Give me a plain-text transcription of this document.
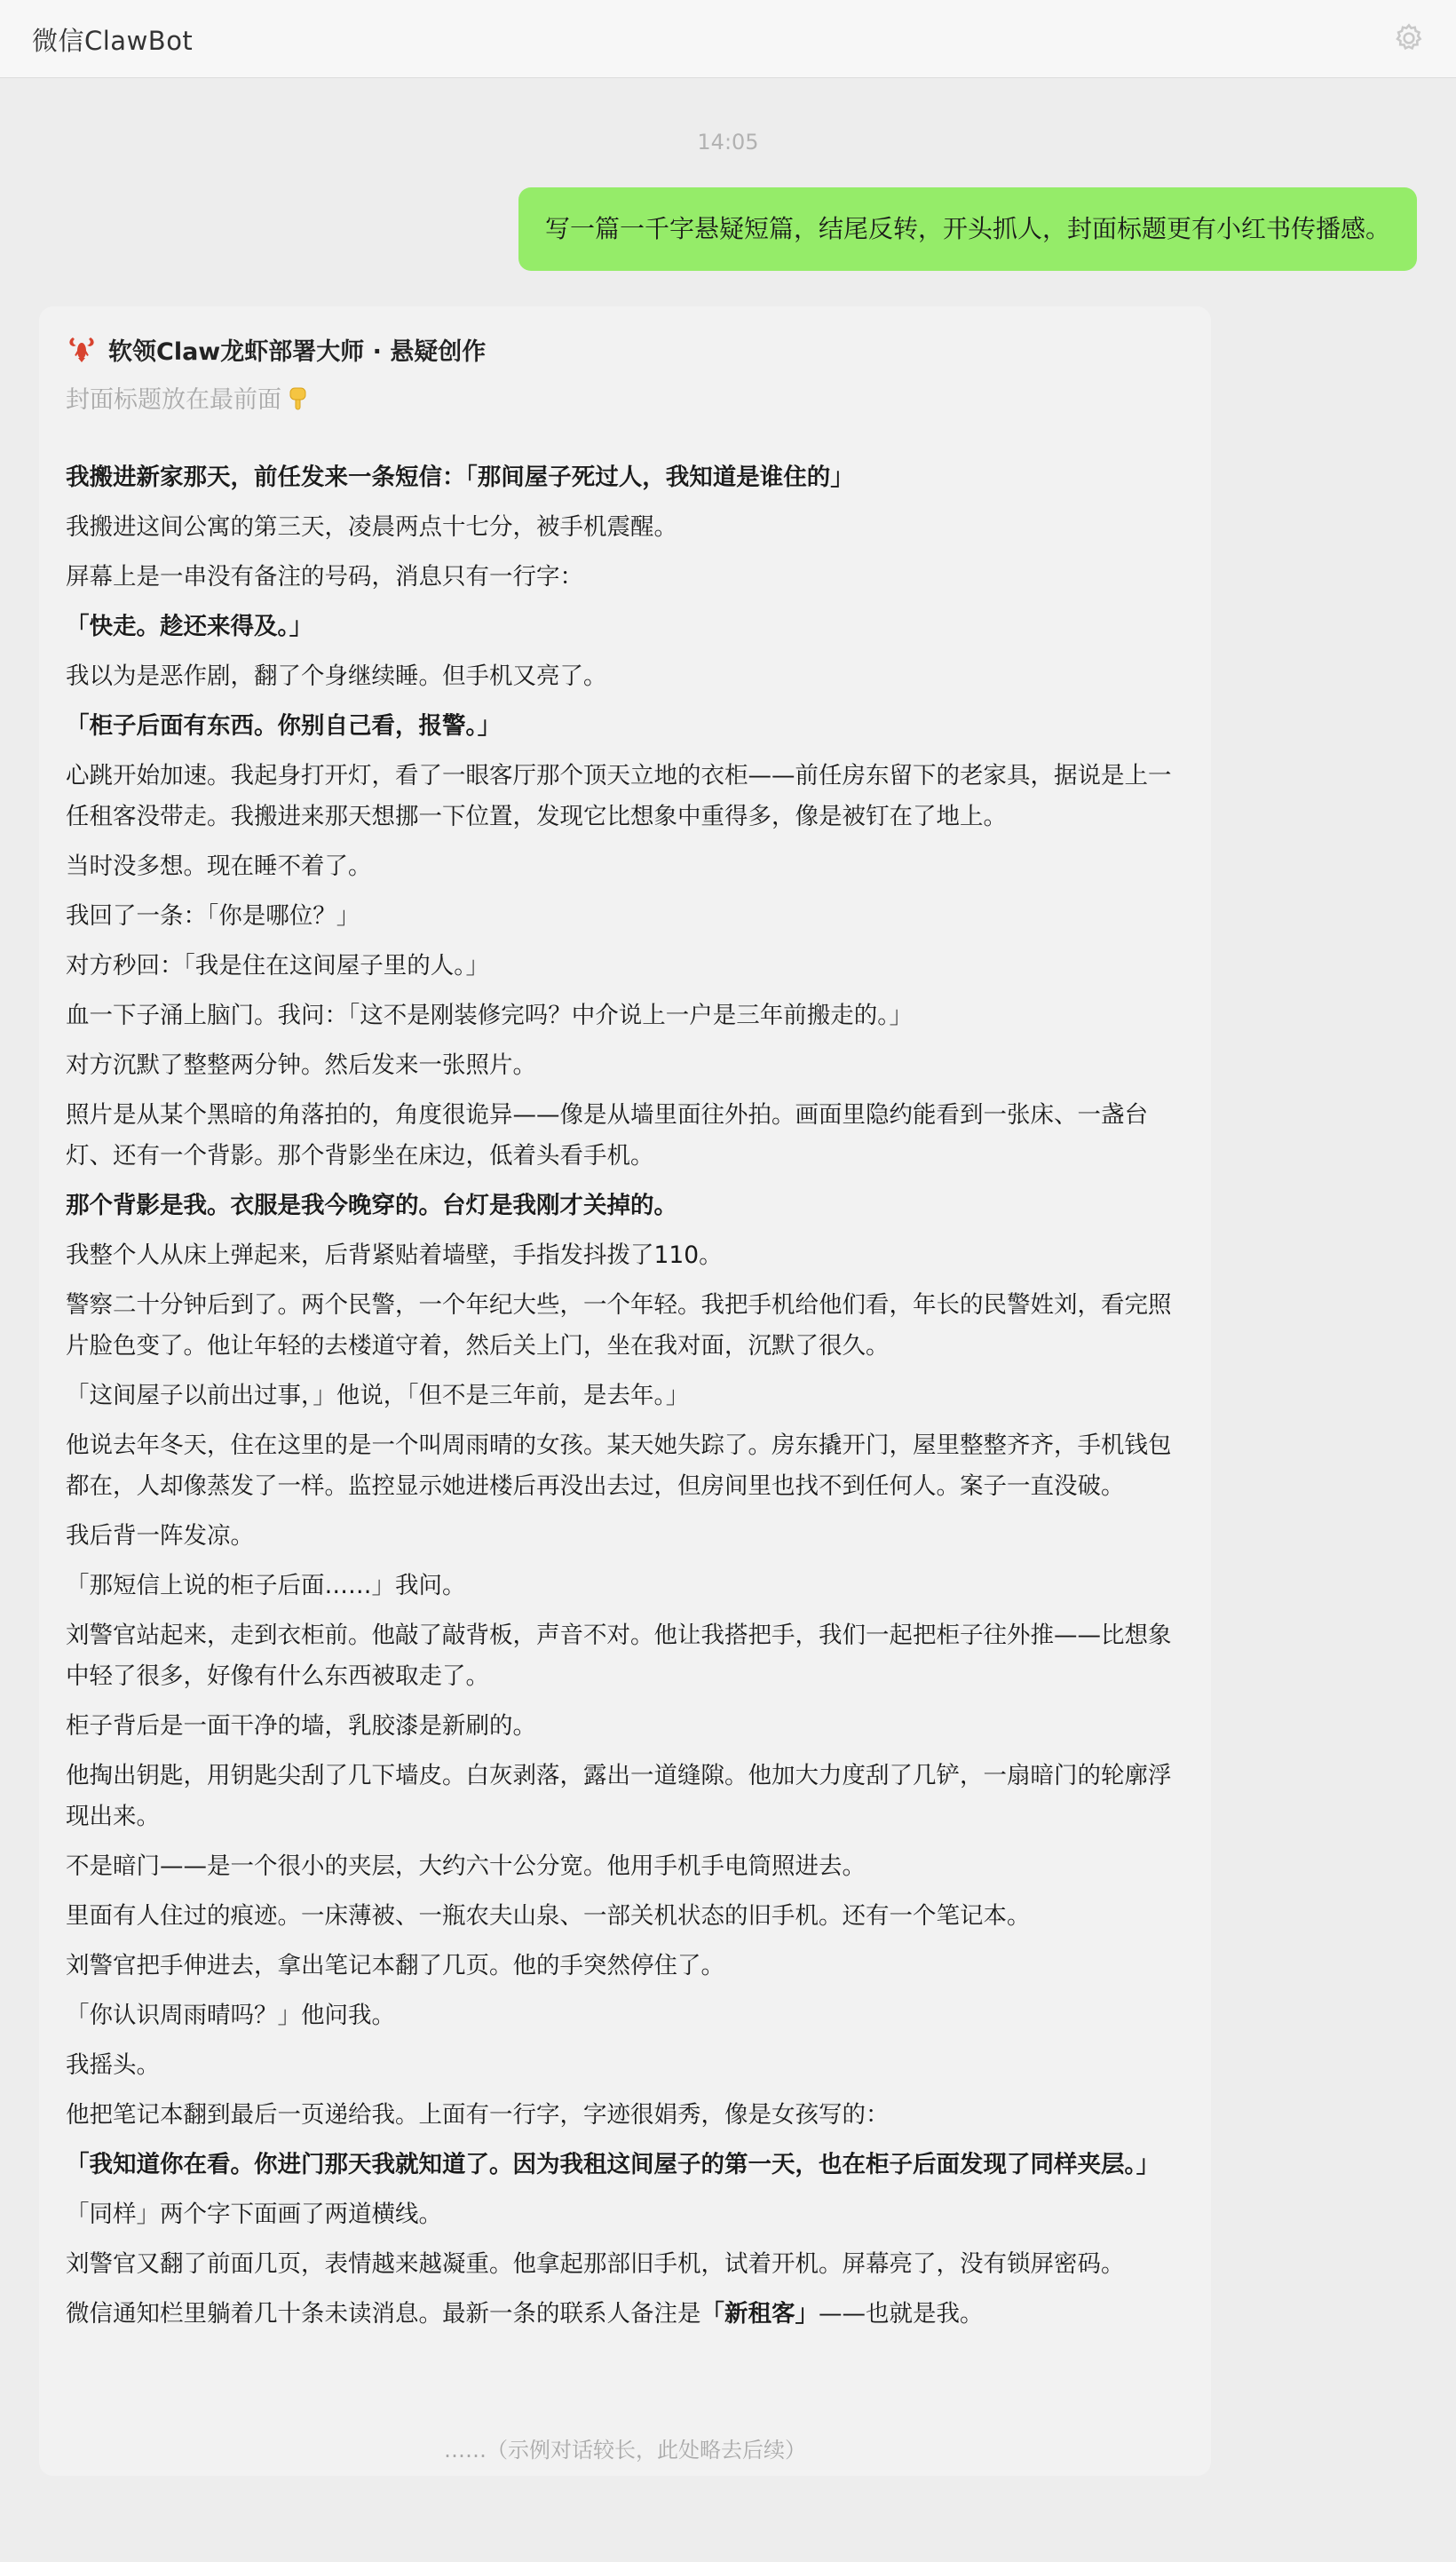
微信ClawBot
14:05
写一篇一千字悬疑短篇，结尾反转，开头抓人，封面标题更有小红书传播感。
软领Claw龙虾部署大师 · 悬疑创作
封面标题放在最前面

我搬进新家那天，前任发来一条短信：「那间屋子死过人，我知道是谁住的」

我搬进这间公寓的第三天，凌晨两点十七分，被手机震醒。

屏幕上是一串没有备注的号码，消息只有一行字：

「快走。趁还来得及。」

我以为是恶作剧，翻了个身继续睡。但手机又亮了。

「柜子后面有东西。你别自己看，报警。」

心跳开始加速。我起身打开灯，看了一眼客厅那个顶天立地的衣柜——前任房东留下的老家具，据说是上一任租客没带走。我搬进来那天想挪一下位置，发现它比想象中重得多，像是被钉在了地上。

当时没多想。现在睡不着了。

我回了一条：「你是哪位？」

对方秒回：「我是住在这间屋子里的人。」

血一下子涌上脑门。我问：「这不是刚装修完吗？中介说上一户是三年前搬走的。」

对方沉默了整整两分钟。然后发来一张照片。

照片是从某个黑暗的角落拍的，角度很诡异——像是从墙里面往外拍。画面里隐约能看到一张床、一盏台灯、还有一个背影。那个背影坐在床边，低着头看手机。

那个背影是我。衣服是我今晚穿的。台灯是我刚才关掉的。

我整个人从床上弹起来，后背紧贴着墙壁，手指发抖拨了110。

警察二十分钟后到了。两个民警，一个年纪大些，一个年轻。我把手机给他们看，年长的民警姓刘，看完照片脸色变了。他让年轻的去楼道守着，然后关上门，坐在我对面，沉默了很久。

「这间屋子以前出过事，」他说，「但不是三年前，是去年。」

他说去年冬天，住在这里的是一个叫周雨晴的女孩。某天她失踪了。房东撬开门，屋里整整齐齐，手机钱包都在，人却像蒸发了一样。监控显示她进楼后再没出去过，但房间里也找不到任何人。案子一直没破。

我后背一阵发凉。

「那短信上说的柜子后面……」我问。

刘警官站起来，走到衣柜前。他敲了敲背板，声音不对。他让我搭把手，我们一起把柜子往外推——比想象中轻了很多，好像有什么东西被取走了。

柜子背后是一面干净的墙，乳胶漆是新刷的。

他掏出钥匙，用钥匙尖刮了几下墙皮。白灰剥落，露出一道缝隙。他加大力度刮了几铲，一扇暗门的轮廓浮现出来。

不是暗门——是一个很小的夹层，大约六十公分宽。他用手机手电筒照进去。

里面有人住过的痕迹。一床薄被、一瓶农夫山泉、一部关机状态的旧手机。还有一个笔记本。

刘警官把手伸进去，拿出笔记本翻了几页。他的手突然停住了。

「你认识周雨晴吗？」他问我。

我摇头。

他把笔记本翻到最后一页递给我。上面有一行字，字迹很娟秀，像是女孩写的：

「我知道你在看。你进门那天我就知道了。因为我租这间屋子的第一天，也在柜子后面发现了同样夹层。」

「同样」两个字下面画了两道横线。

刘警官又翻了前面几页，表情越来越凝重。他拿起那部旧手机，试着开机。屏幕亮了，没有锁屏密码。

微信通知栏里躺着几十条未读消息。最新一条的联系人备注是「新租客」——也就是我。

……（示例对话较长，此处略去后续）
